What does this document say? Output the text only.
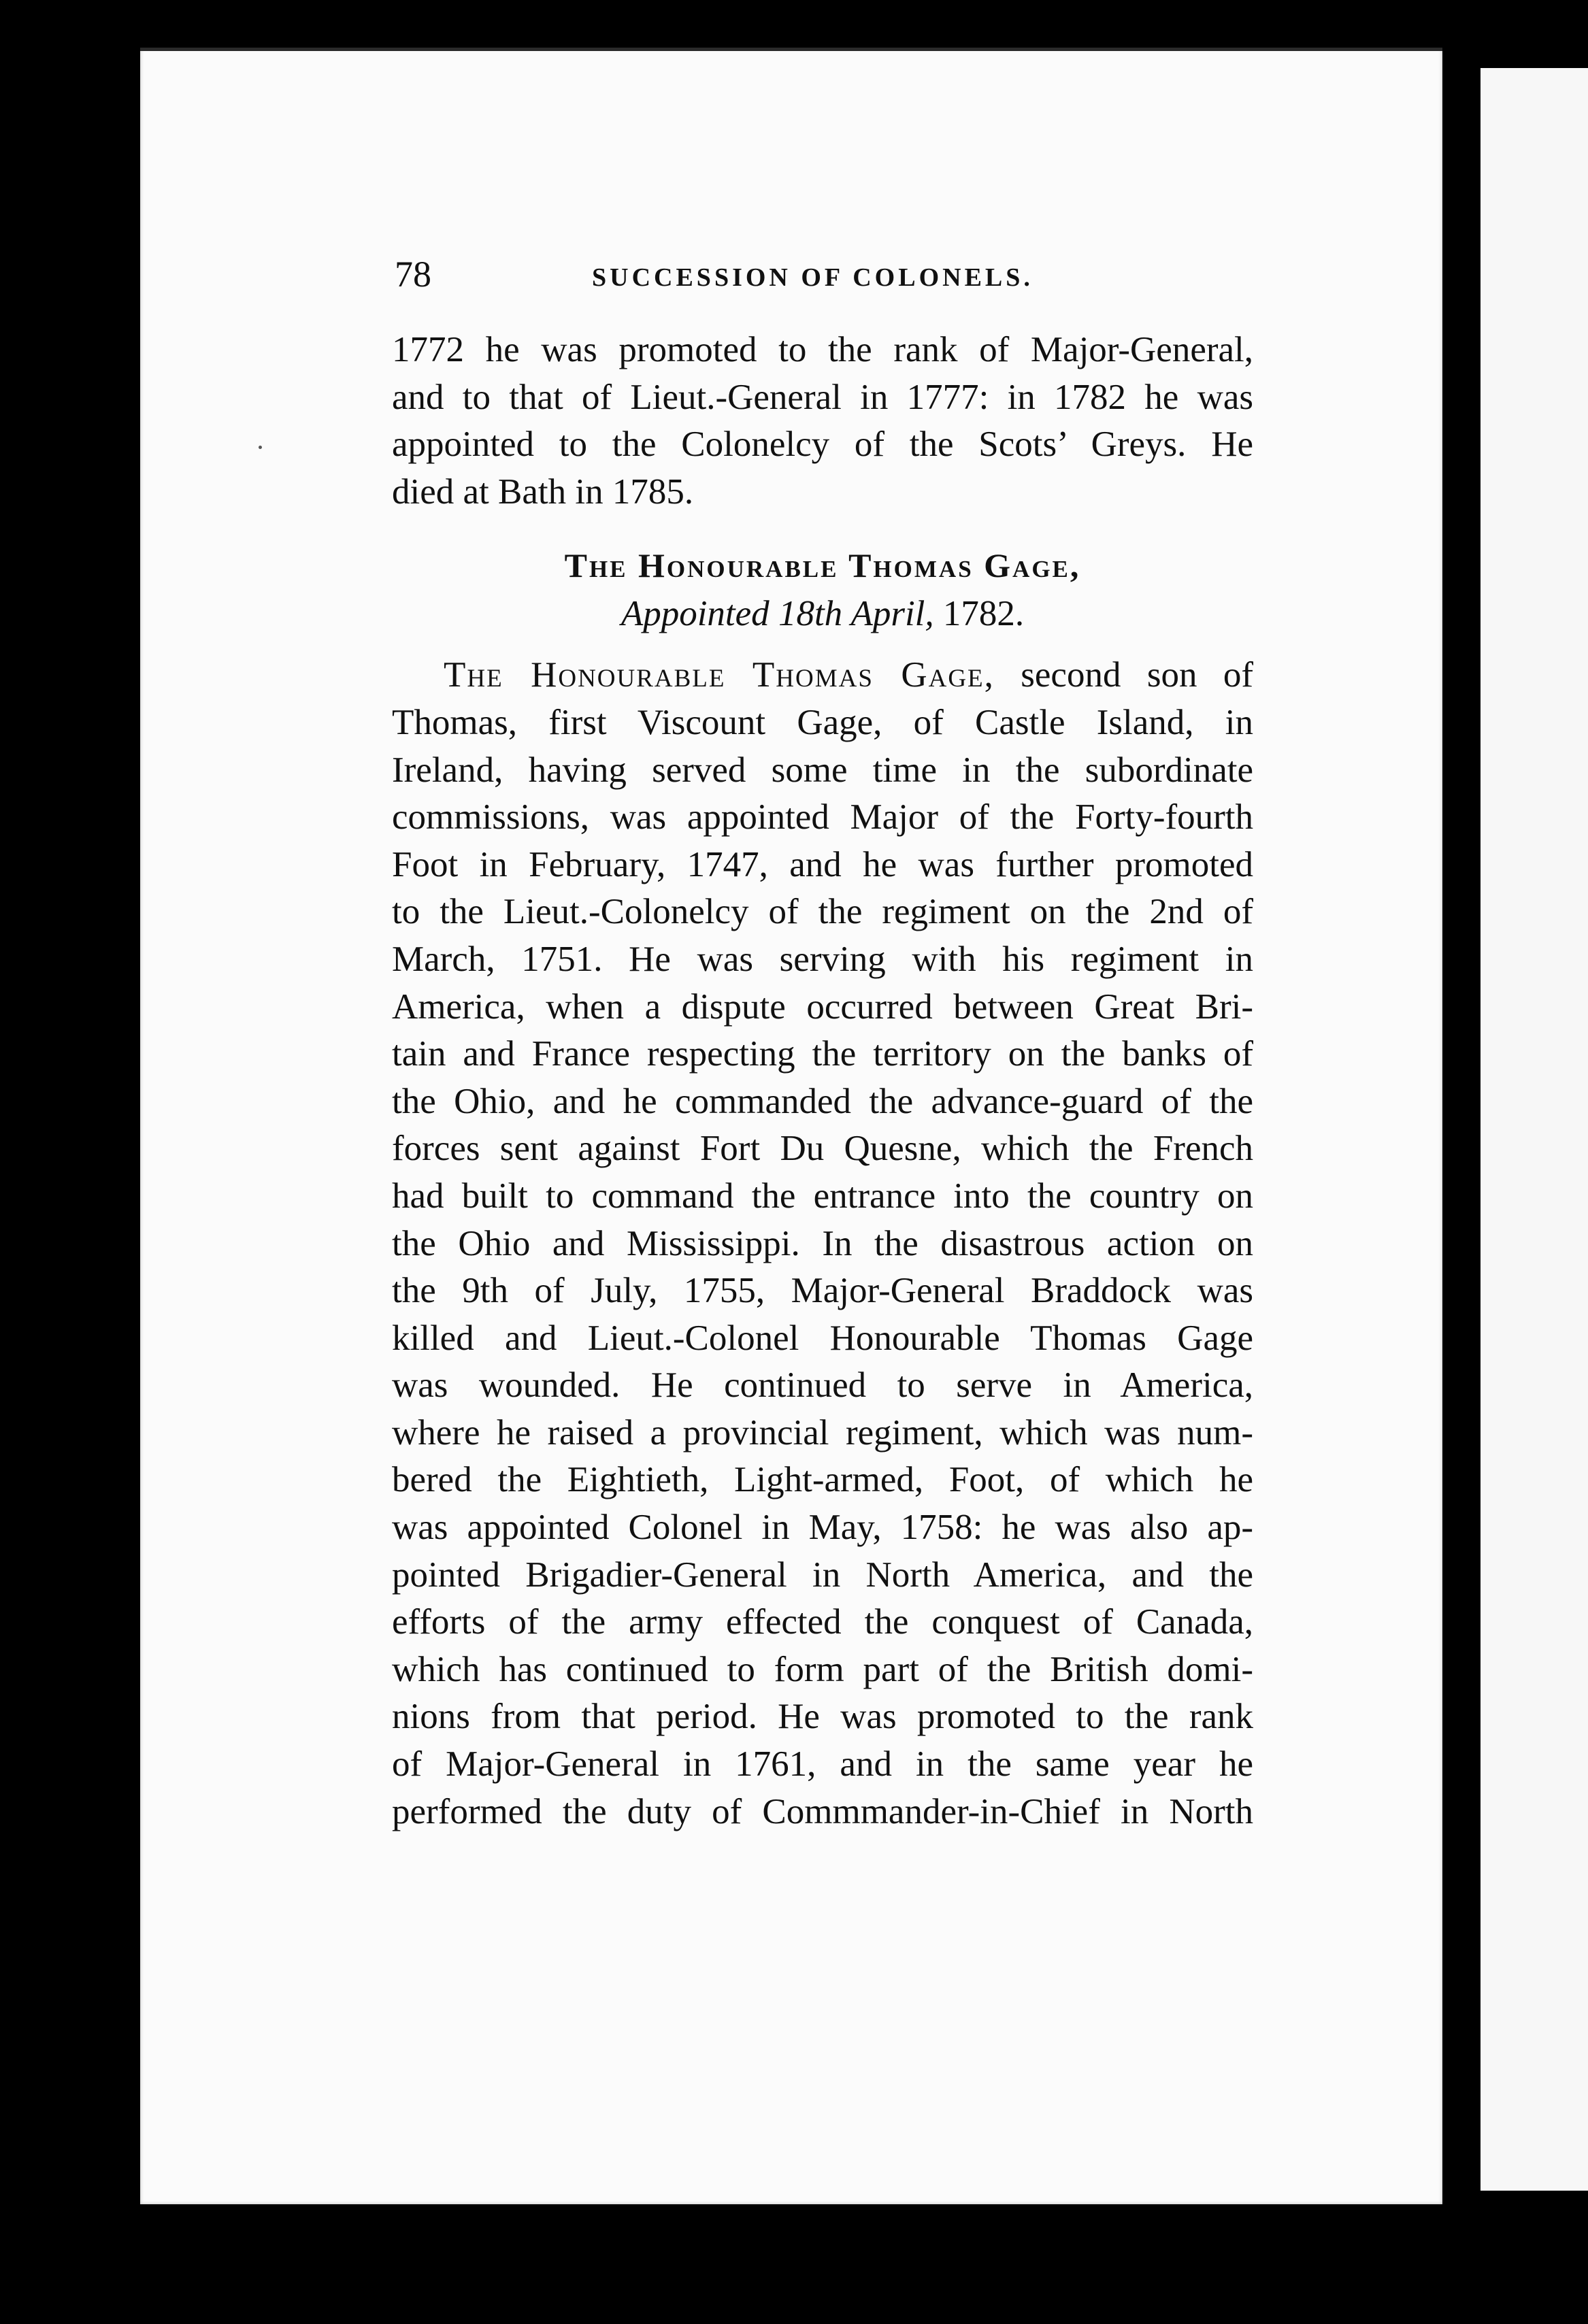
78	SUCCESSION OF COLONELS.
1772 he was promoted to the rank of Major-General,
and to that of Lieut.-General in 1777: in 1782 he was
appointed to the Colonelcy of the Scots’ Greys. He
died at Bath in 1785.
The Honourable Thomas Gage,
Appointed 18th April, 1782.
The Honourable Thomas Gage, second son of
Thomas, first Viscount Gage, of Castle Island, in
Ireland, having served some time in the subordinate
commissions, was appointed Major of the Forty-fourth
Foot in February, 1747, and he was further promoted
to the Lieut.-Colonelcy of the regiment on the 2nd of
March, 1751. He was serving with his regiment in
America, when a dispute occurred between Great Bri-
tain and France respecting the territory on the banks of
the Ohio, and he commanded the advance-guard of the
forces sent against Fort Du Quesne, which the French
had built to command the entrance into the country on
the Ohio and Mississippi. In the disastrous action on
the 9th of July, 1755, Major-General Braddock was
killed and Lieut.-Colonel Honourable Thomas Gage
was wounded. He continued to serve in America,
where he raised a provincial regiment, which was num-
bered the Eightieth, Light-armed, Foot, of which he
was appointed Colonel in May, 1758: he was also ap-
pointed Brigadier-General in North America, and the
efforts of the army effected the conquest of Canada,
which has continued to form part of the British domi-
nions from that period. He was promoted to the rank
of Major-General in 1761, and in the same year he
performed the duty of Commmander-in-Chief in North
